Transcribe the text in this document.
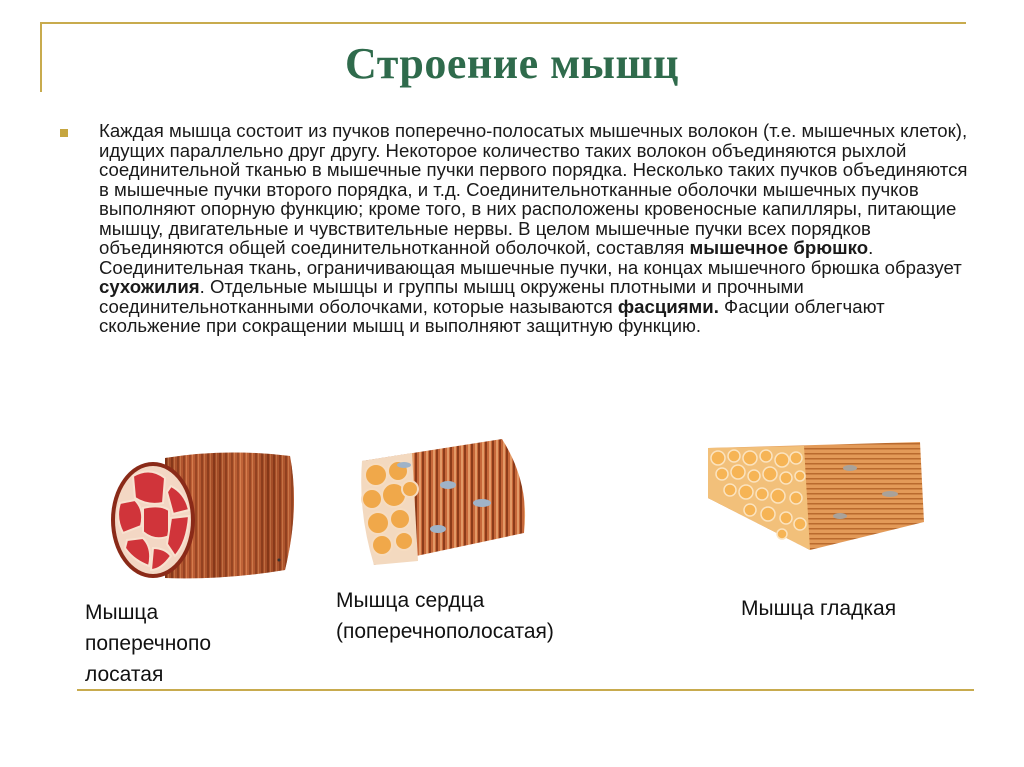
Строение мышц
Каждая мышца состоит из пучков поперечно-полосатых мышечных волокон (т.е. мышечных клеток), идущих параллельно друг другу. Некоторое количество таких волокон объединяются рыхлой соединительной тканью в мышечные пучки первого порядка. Несколько таких пучков объединяются в мышечные пучки второго порядка, и т.д. Соединительнотканные оболочки мышечных пучков выполняют опорную функцию; кроме того, в них расположены кровеносные капилляры, питающие мышцу, двигательные и чувствительные нервы. В целом мышечные пучки всех порядков объединяются общей соединительнотканной оболочкой, составляя мышечное брюшко. Соединительная ткань, ограничивающая мышечные пучки, на концах мышечного брюшка образует сухожилия. Отдельные мышцы и группы мышц окружены плотными и прочными соединительнотканными оболочками, которые называются фасциями. Фасции облегчают скольжение при сокращении мышц и выполняют защитную функцию.
Мышца поперечнопо лосатая
Мышца сердца (поперечнополосатая)
Мышца гладкая
